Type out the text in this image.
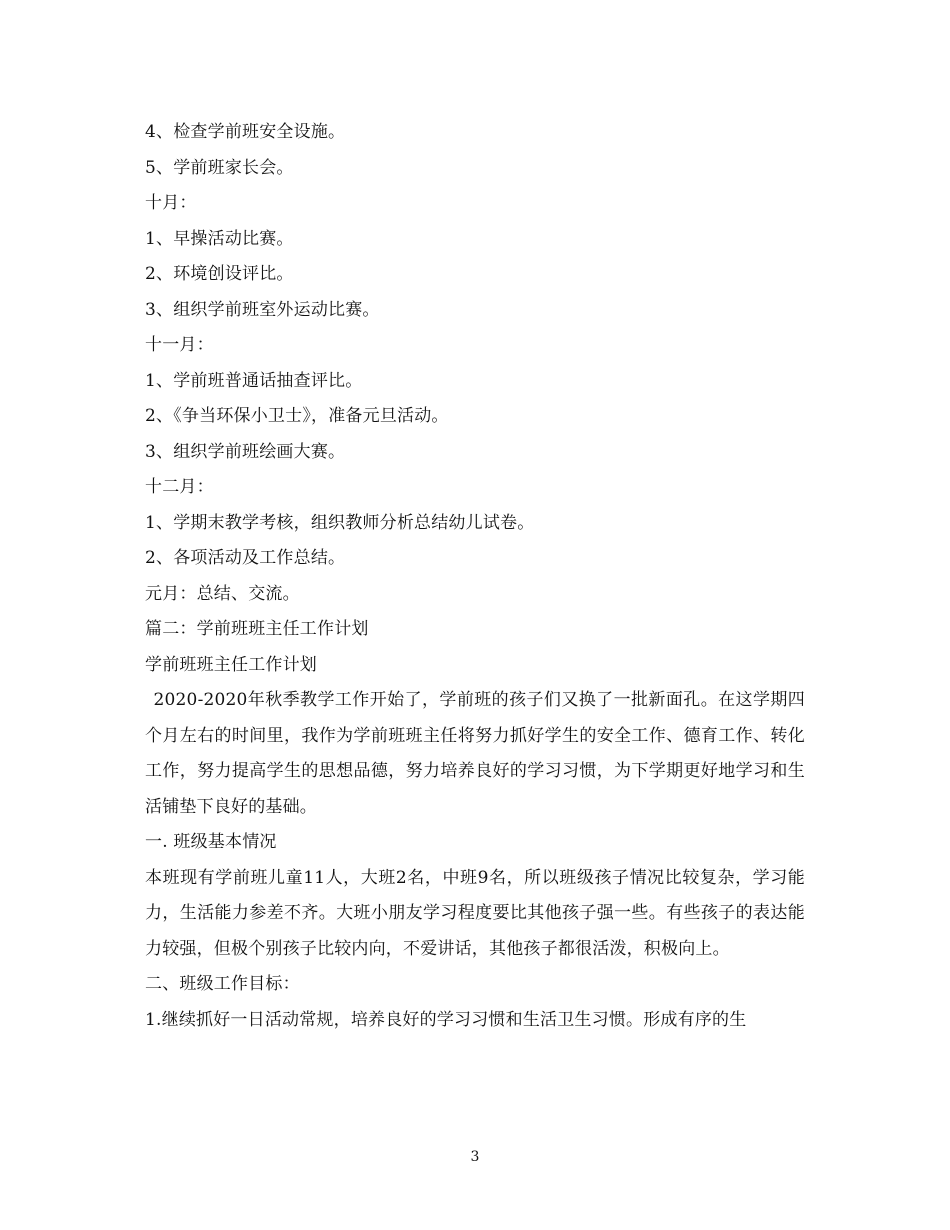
4、检查学前班安全设施。

5、学前班家长会。

十月：

1、早操活动比赛。

2、环境创设评比。

3、组织学前班室外运动比赛。

十一月：

1、学前班普通话抽查评比。

2、《争当环保小卫士》，准备元旦活动。

3、组织学前班绘画大赛。

十二月：

1、学期末教学考核，组织教师分析总结幼儿试卷。

2、各项活动及工作总结。

元月：总结、交流。

篇二：学前班班主任工作计划

学前班班主任工作计划

2020-2020年秋季教学工作开始了，学前班的孩子们又换了一批新面孔。在这学期四个月左右的时间里，我作为学前班班主任将努力抓好学生的安全工作、德育工作、转化工作，努力提高学生的思想品德，努力培养良好的学习习惯，为下学期更好地学习和生活铺垫下良好的基础。

一. 班级基本情况

本班现有学前班儿童11人，大班2名，中班9名，所以班级孩子情况比较复杂，学习能力，生活能力参差不齐。大班小朋友学习程度要比其他孩子强一些。有些孩子的表达能力较强，但极个别孩子比较内向，不爱讲话，其他孩子都很活泼，积极向上。

二、班级工作目标：

1.继续抓好一日活动常规，培养良好的学习习惯和生活卫生习惯。形成有序的生

3
